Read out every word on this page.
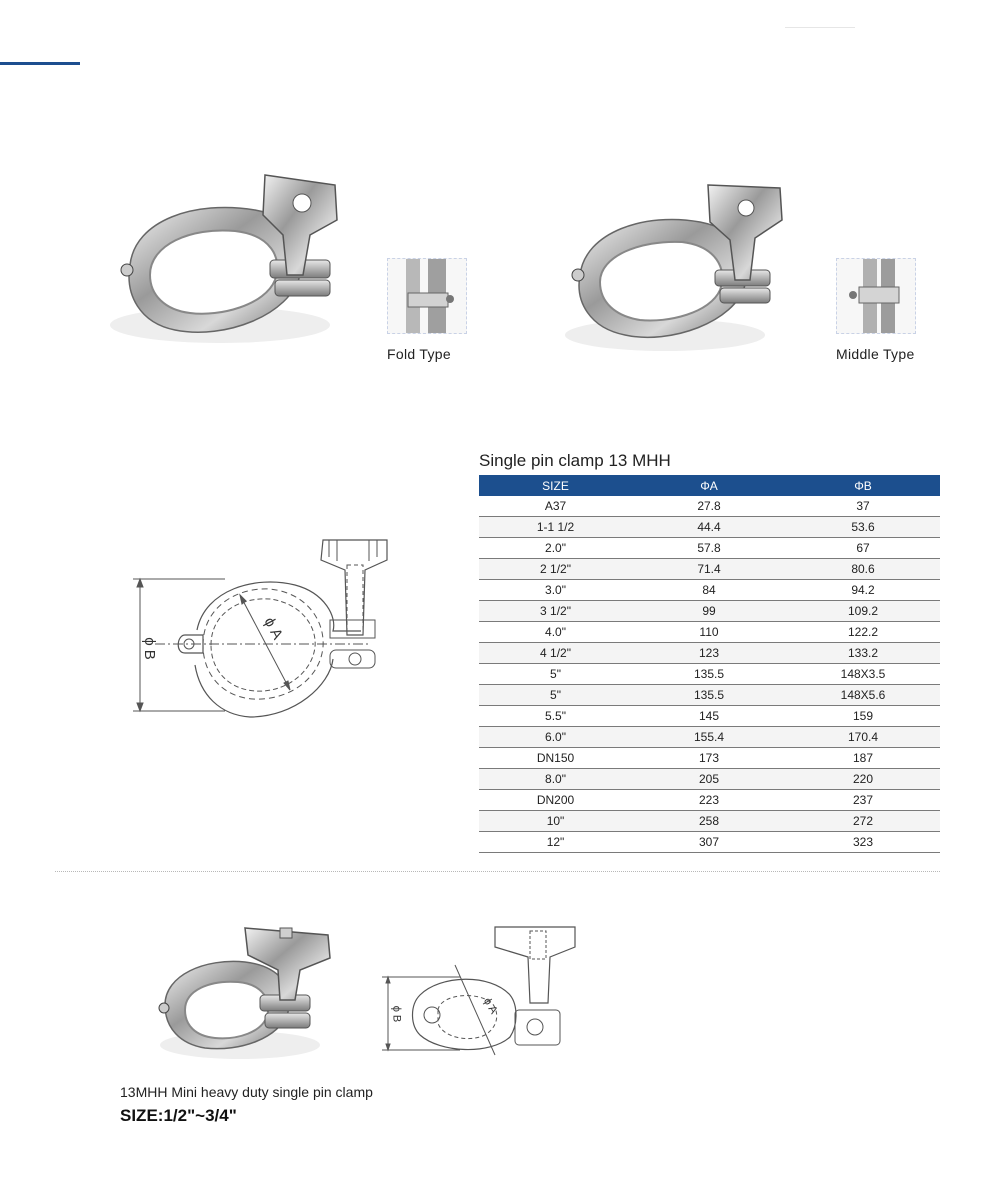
Fold Type	Middle Type
ϕ A
ϕ B
Single pin clamp 13 MHH
SIZE	ΦA	ΦB
A37	27.8	37
1-1 1/2	44.4	53.6
2.0"	57.8	67
2 1/2"	71.4	80.6
3.0"	84	94.2
3 1/2"	99	109.2
4.0"	110	122.2
4 1/2"	123	133.2
5"	135.5	148X3.5
5"	135.5	148X5.6
5.5"	145	159
6.0"	155.4	170.4
DN150	173	187
8.0"	205	220
DN200	223	237
10"	258	272
12"	307	323
ϕ A
ϕ B
13MHH Mini heavy duty single pin clamp
SIZE:1/2"~3/4"
